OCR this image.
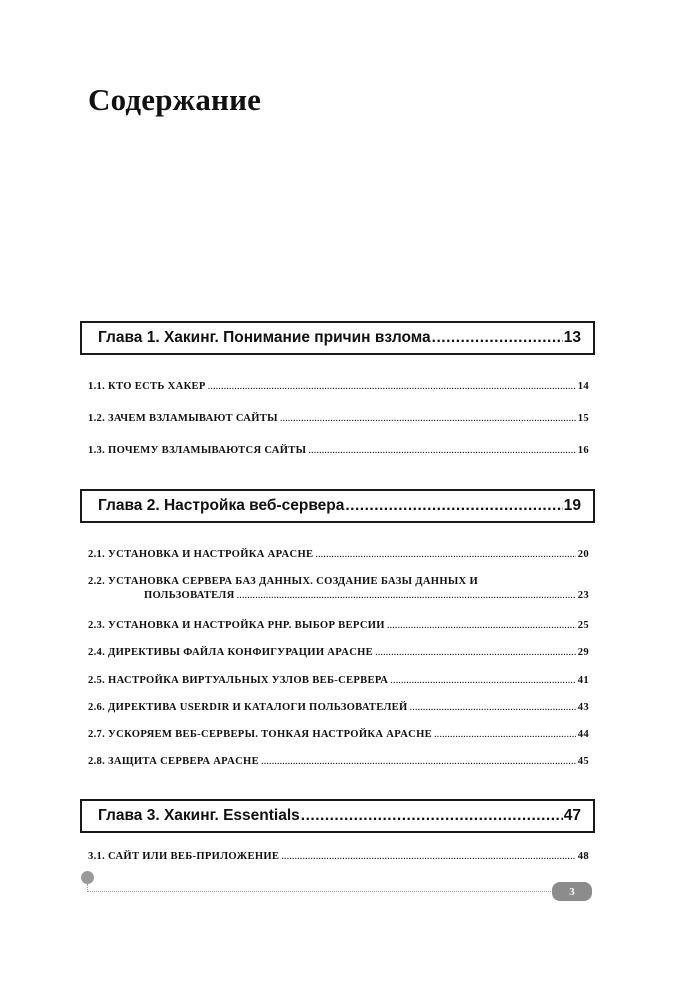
Содержание
Глава 1. Хакинг. Понимание причин взлома .....	13
1.1. КТО ЕСТЬ ХАКЕР .....	14
1.2. ЗАЧЕМ ВЗЛАМЫВАЮТ САЙТЫ .....	15
1.3. ПОЧЕМУ ВЗЛАМЫВАЮТСЯ САЙТЫ .....	16
Глава 2. Настройка веб-сервера .....	19
2.1. УСТАНОВКА И НАСТРОЙКА APACHE .....	20
2.2. УСТАНОВКА СЕРВЕРА БАЗ ДАННЫХ. СОЗДАНИЕ БАЗЫ ДАННЫХ И
ПОЛЬЗОВАТЕЛЯ .....	23
2.3. УСТАНОВКА И НАСТРОЙКА PHP. ВЫБОР ВЕРСИИ .....	25
2.4. ДИРЕКТИВЫ ФАЙЛА КОНФИГУРАЦИИ APACHE .....	29
2.5. НАСТРОЙКА ВИРТУАЛЬНЫХ УЗЛОВ ВЕБ-СЕРВЕРА .....	41
2.6. ДИРЕКТИВА USERDIR И КАТАЛОГИ ПОЛЬЗОВАТЕЛЕЙ .....	43
2.7. УСКОРЯЕМ ВЕБ-СЕРВЕРЫ. ТОНКАЯ НАСТРОЙКА APACHE .....	44
2.8. ЗАЩИТА СЕРВЕРА APACHE .....	45
Глава 3. Хакинг. Essentials .....	47
3.1. САЙТ ИЛИ ВЕБ-ПРИЛОЖЕНИЕ .....	48
3
